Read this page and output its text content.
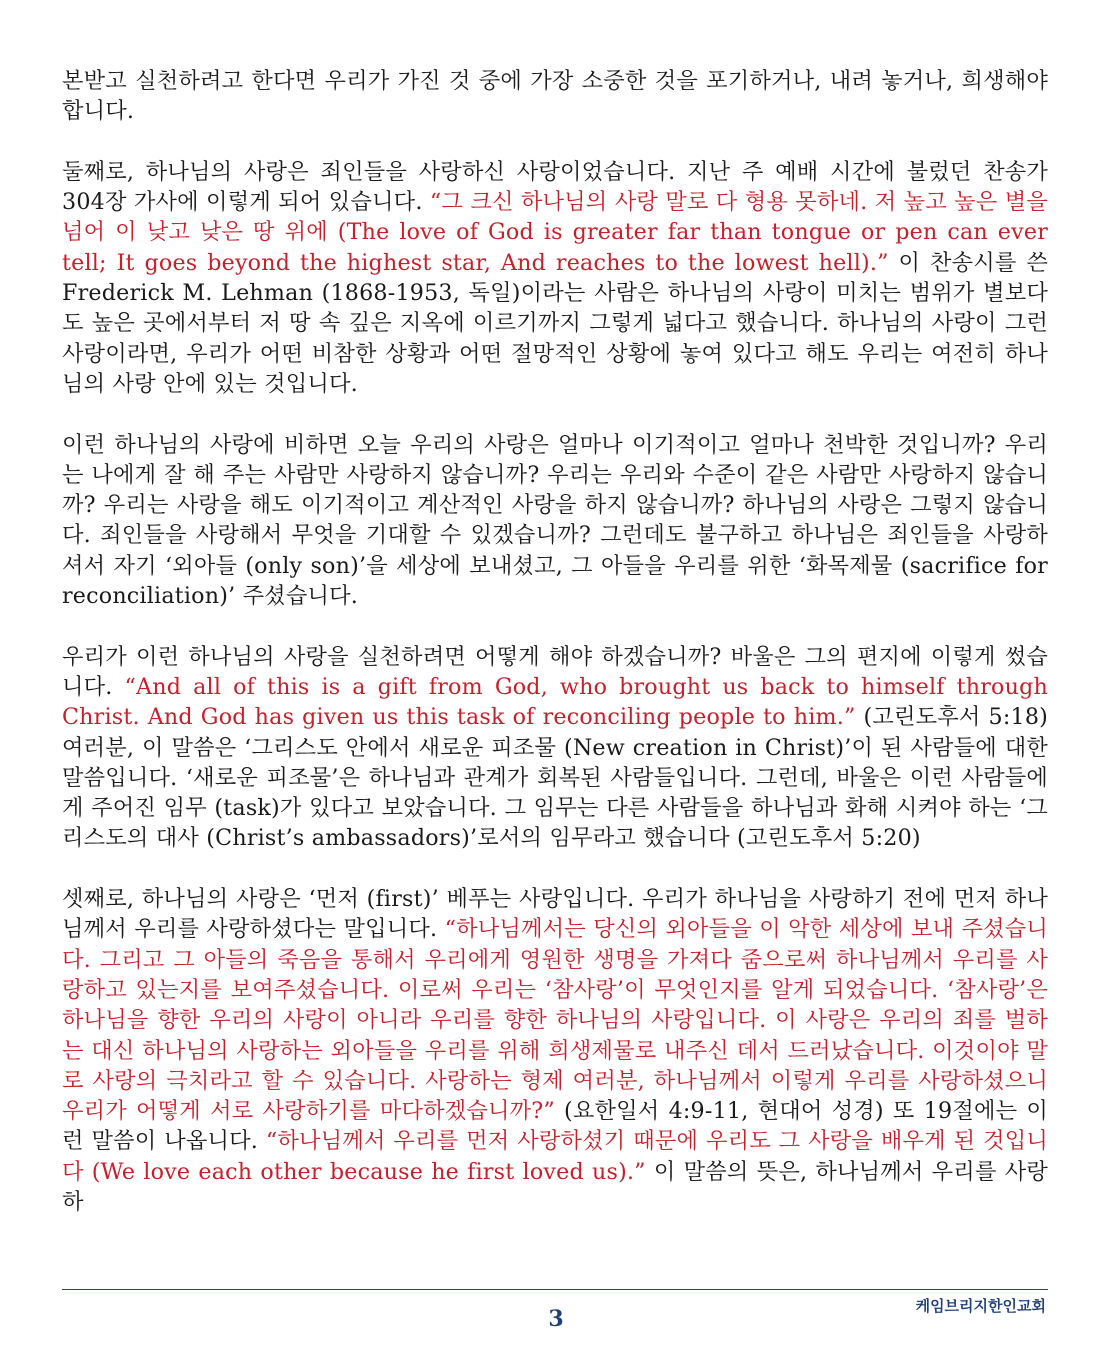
본받고 실천하려고 한다면 우리가 가진 것 중에 가장 소중한 것을 포기하거나, 내려 놓거나, 희생해야 합니다.

둘째로, 하나님의 사랑은 죄인들을 사랑하신 사랑이었습니다. 지난 주 예배 시간에 불렀던 찬송가 304장 가사에 이렇게 되어 있습니다. “그 크신 하나님의 사랑 말로 다 형용 못하네. 저 높고 높은 별을 넘어 이 낮고 낮은 땅 위에 (The love of God is greater far than tongue or pen can ever tell; It goes beyond the highest star, And reaches to the lowest hell).” 이 찬송시를 쓴 Frederick M. Lehman (1868-1953, 독일)이라는 사람은 하나님의 사랑이 미치는 범위가 별보다도 높은 곳에서부터 저 땅 속 깊은 지옥에 이르기까지 그렇게 넓다고 했습니다. 하나님의 사랑이 그런 사랑이라면, 우리가 어떤 비참한 상황과 어떤 절망적인 상황에 놓여 있다고 해도 우리는 여전히 하나님의 사랑 안에 있는 것입니다.

이런 하나님의 사랑에 비하면 오늘 우리의 사랑은 얼마나 이기적이고 얼마나 천박한 것입니까? 우리는 나에게 잘 해 주는 사람만 사랑하지 않습니까? 우리는 우리와 수준이 같은 사람만 사랑하지 않습니까? 우리는 사랑을 해도 이기적이고 계산적인 사랑을 하지 않습니까? 하나님의 사랑은 그렇지 않습니다. 죄인들을 사랑해서 무엇을 기대할 수 있겠습니까? 그런데도 불구하고 하나님은 죄인들을 사랑하셔서 자기 ‘외아들 (only son)’을 세상에 보내셨고, 그 아들을 우리를 위한 ‘화목제물 (sacrifice for reconciliation)’ 주셨습니다.

우리가 이런 하나님의 사랑을 실천하려면 어떻게 해야 하겠습니까? 바울은 그의 편지에 이렇게 썼습니다. “And all of this is a gift from God, who brought us back to himself through Christ. And God has given us this task of reconciling people to him.” (고린도후서 5:18) 여러분, 이 말씀은 ‘그리스도 안에서 새로운 피조물 (New creation in Christ)’이 된 사람들에 대한 말씀입니다. ‘새로운 피조물’은 하나님과 관계가 회복된 사람들입니다. 그런데, 바울은 이런 사람들에게 주어진 임무 (task)가 있다고 보았습니다. 그 임무는 다른 사람들을 하나님과 화해 시켜야 하는 ‘그리스도의 대사 (Christ’s ambassadors)’로서의 임무라고 했습니다 (고린도후서 5:20)

셋째로, 하나님의 사랑은 ‘먼저 (first)’ 베푸는 사랑입니다. 우리가 하나님을 사랑하기 전에 먼저 하나님께서 우리를 사랑하셨다는 말입니다. “하나님께서는 당신의 외아들을 이 악한 세상에 보내 주셨습니다. 그리고 그 아들의 죽음을 통해서 우리에게 영원한 생명을 가져다 줌으로써 하나님께서 우리를 사랑하고 있는지를 보여주셨습니다. 이로써 우리는 ‘참사랑’이 무엇인지를 알게 되었습니다. ‘참사랑’은 하나님을 향한 우리의 사랑이 아니라 우리를 향한 하나님의 사랑입니다. 이 사랑은 우리의 죄를 벌하는 대신 하나님의 사랑하는 외아들을 우리를 위해 희생제물로 내주신 데서 드러났습니다. 이것이야 말로 사랑의 극치라고 할 수 있습니다. 사랑하는 형제 여러분, 하나님께서 이렇게 우리를 사랑하셨으니 우리가 어떻게 서로 사랑하기를 마다하겠습니까?” (요한일서 4:9-11, 현대어 성경) 또 19절에는 이런 말씀이 나옵니다. “하나님께서 우리를 먼저 사랑하셨기 때문에 우리도 그 사랑을 배우게 된 것입니다 (We love each other because he first loved us).” 이 말씀의 뜻은, 하나님께서 우리를 사랑하

케임브리지한인교회
3
